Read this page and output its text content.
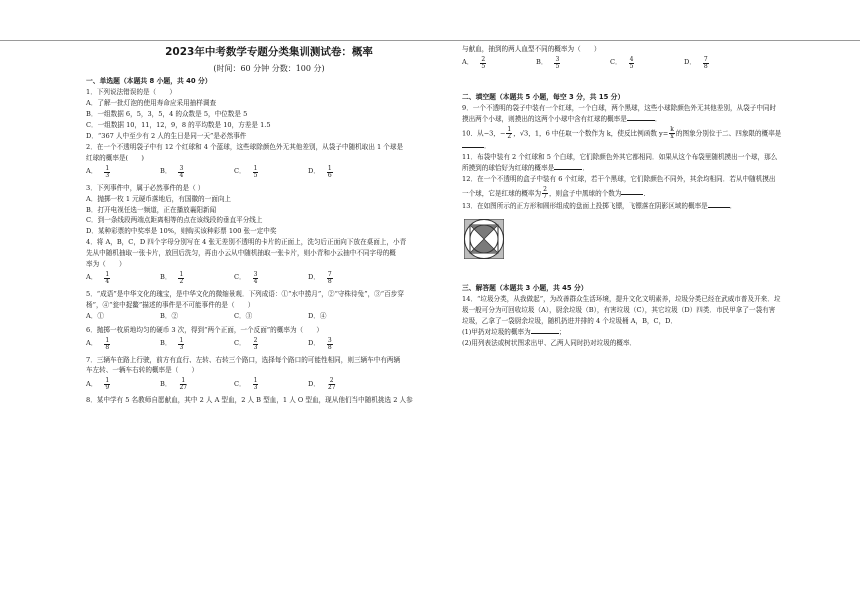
2023年中考数学专题分类集训测试卷：概率
(时间：60 分钟 分数：100 分)
一、单选题（本题共 8 小题，共 40 分）

1．下列说法错误的是（　　）

A．了解一批灯泡的使用寿命应采用抽样调查

B．一组数据 6，5，3，5，4 的众数是 5，中位数是 5

C．一组数据 10，11，12，9，8 的平均数是 10，方差是 1.5

D．“367 人中至少有 2 人的生日是同一天”是必然事件

2．在一个不透明袋子中有 12 个红球和 4 个蓝球，这些球除颜色外无其他差别，从袋子中随机取出 1 个球是

红球的概率是(　　)

A． $\frac{1}{3}$	B． $\frac{3}{4}$	C． $\frac{1}{5}$	D． $\frac{1}{6}$

3．下列事件中，属于必然事件的是（ ）

A．抛掷一枚 1 元硬币落地后，有国徽的一面向上

B．打开电视任选一频道，正在播放襄阳新闻

C．到一条线段两端点距离相等的点在该线段的垂直平分线上

D．某种彩票的中奖率是 10%，则购买该种彩票 100 张一定中奖

4．将 A，B，C，D 四个字母分别写在 4 张无差别不透明的卡片的正面上，洗匀后正面向下放在桌面上，小青

先从中随机抽取一张卡片，放回后洗匀，再由小云从中随机抽取一张卡片，则小青和小云抽中不同字母的概

率为（　　）

A． $\frac{1}{4}$	B． $\frac{1}{2}$	C． $\frac{3}{4}$	D． $\frac{7}{8}$

5．“成语”是中华文化的瑰宝，是中华文化的微缩景观．下列成语：①“水中捞月”，②“守株待兔”，③“百步穿

杨”，④“瓮中捉鳖”描述的事件是不可能事件的是（　　）

A．①	B．②	C．③	D．④

6．抛掷一枚质地均匀的硬币 3 次，得到“两个正面，一个反面”的概率为（　　）

A． $\frac{1}{8}$	B． $\frac{1}{3}$	C． $\frac{2}{3}$	D． $\frac{3}{8}$

7．三辆车在路上行驶，前方有直行、左转、右转三个路口，选择每个路口的可能性相同，则三辆车中有两辆

车左转、一辆车右转的概率是（　　）

A． $\frac{1}{9}$	B． $\frac{1}{27}$	C． $\frac{1}{3}$	D． $\frac{2}{27}$

8．某中学有 5 名教师自愿献血，其中 2 人 A 型血，2 人 B 型血，1 人 O 型血，现从他们当中随机挑选 2 人参

与献血，抽到的两人血型不同的概率为（　　）

A． $\frac{2}{5}$	B． $\frac{3}{5}$	C． $\frac{4}{5}$	D． $\frac{7}{8}$
二、填空题（本题共 5 小题，每空 3 分，共 15 分）

9．一个不透明的袋子中装有一个红球，一个白球，两个黑球，这些小球除颜色外无其他差别，从袋子中同时

摸出两个小球，则摸出的这两个小球中含有红球的概率是	．

10．从−3，− $\frac{1}{2}$ ，√3，1，6 中任取一个数作为 k，使反比例函数 $y= \frac{k}{x}$ 的图象分别位于二、四象限的概率是

．

11．布袋中装有 2 个红球和 5 个白球，它们除颜色外其它都相同．如果从这个布袋里随机摸出一个球，那么

所摸到的球恰好为红球的概率是	．

12．在一个不透明的盒子中装有 6 个红球，若干个黑球，它们除颜色不同外，其余均相同．若从中随机摸出

一个球，它是红球的概率为 $\frac{2}{7}$ ，则盒子中黑球的个数为	．

13．在如图所示的正方形和圆形组成的盘面上投掷飞镖，飞镖落在阴影区域的概率是	．

三、解答题（本题共 3 小题，共 45 分）

14．“垃圾分类，从我做起”，为改善群众生活环境，提升文化文明素养，垃圾分类已经在武威市普及开来．垃

圾一般可分为可回收垃圾（A），厨余垃圾（B），有害垃圾（C），其它垃圾（D）四类．市民甲拿了一袋有害

垃圾，乙拿了一袋厨余垃圾，随机扔进并排的 4 个垃圾桶 A，B，C，D．

(1)甲扔对垃圾的概率为	；

(2)用列表法或树状图求出甲、乙两人同时扔对垃圾的概率．
